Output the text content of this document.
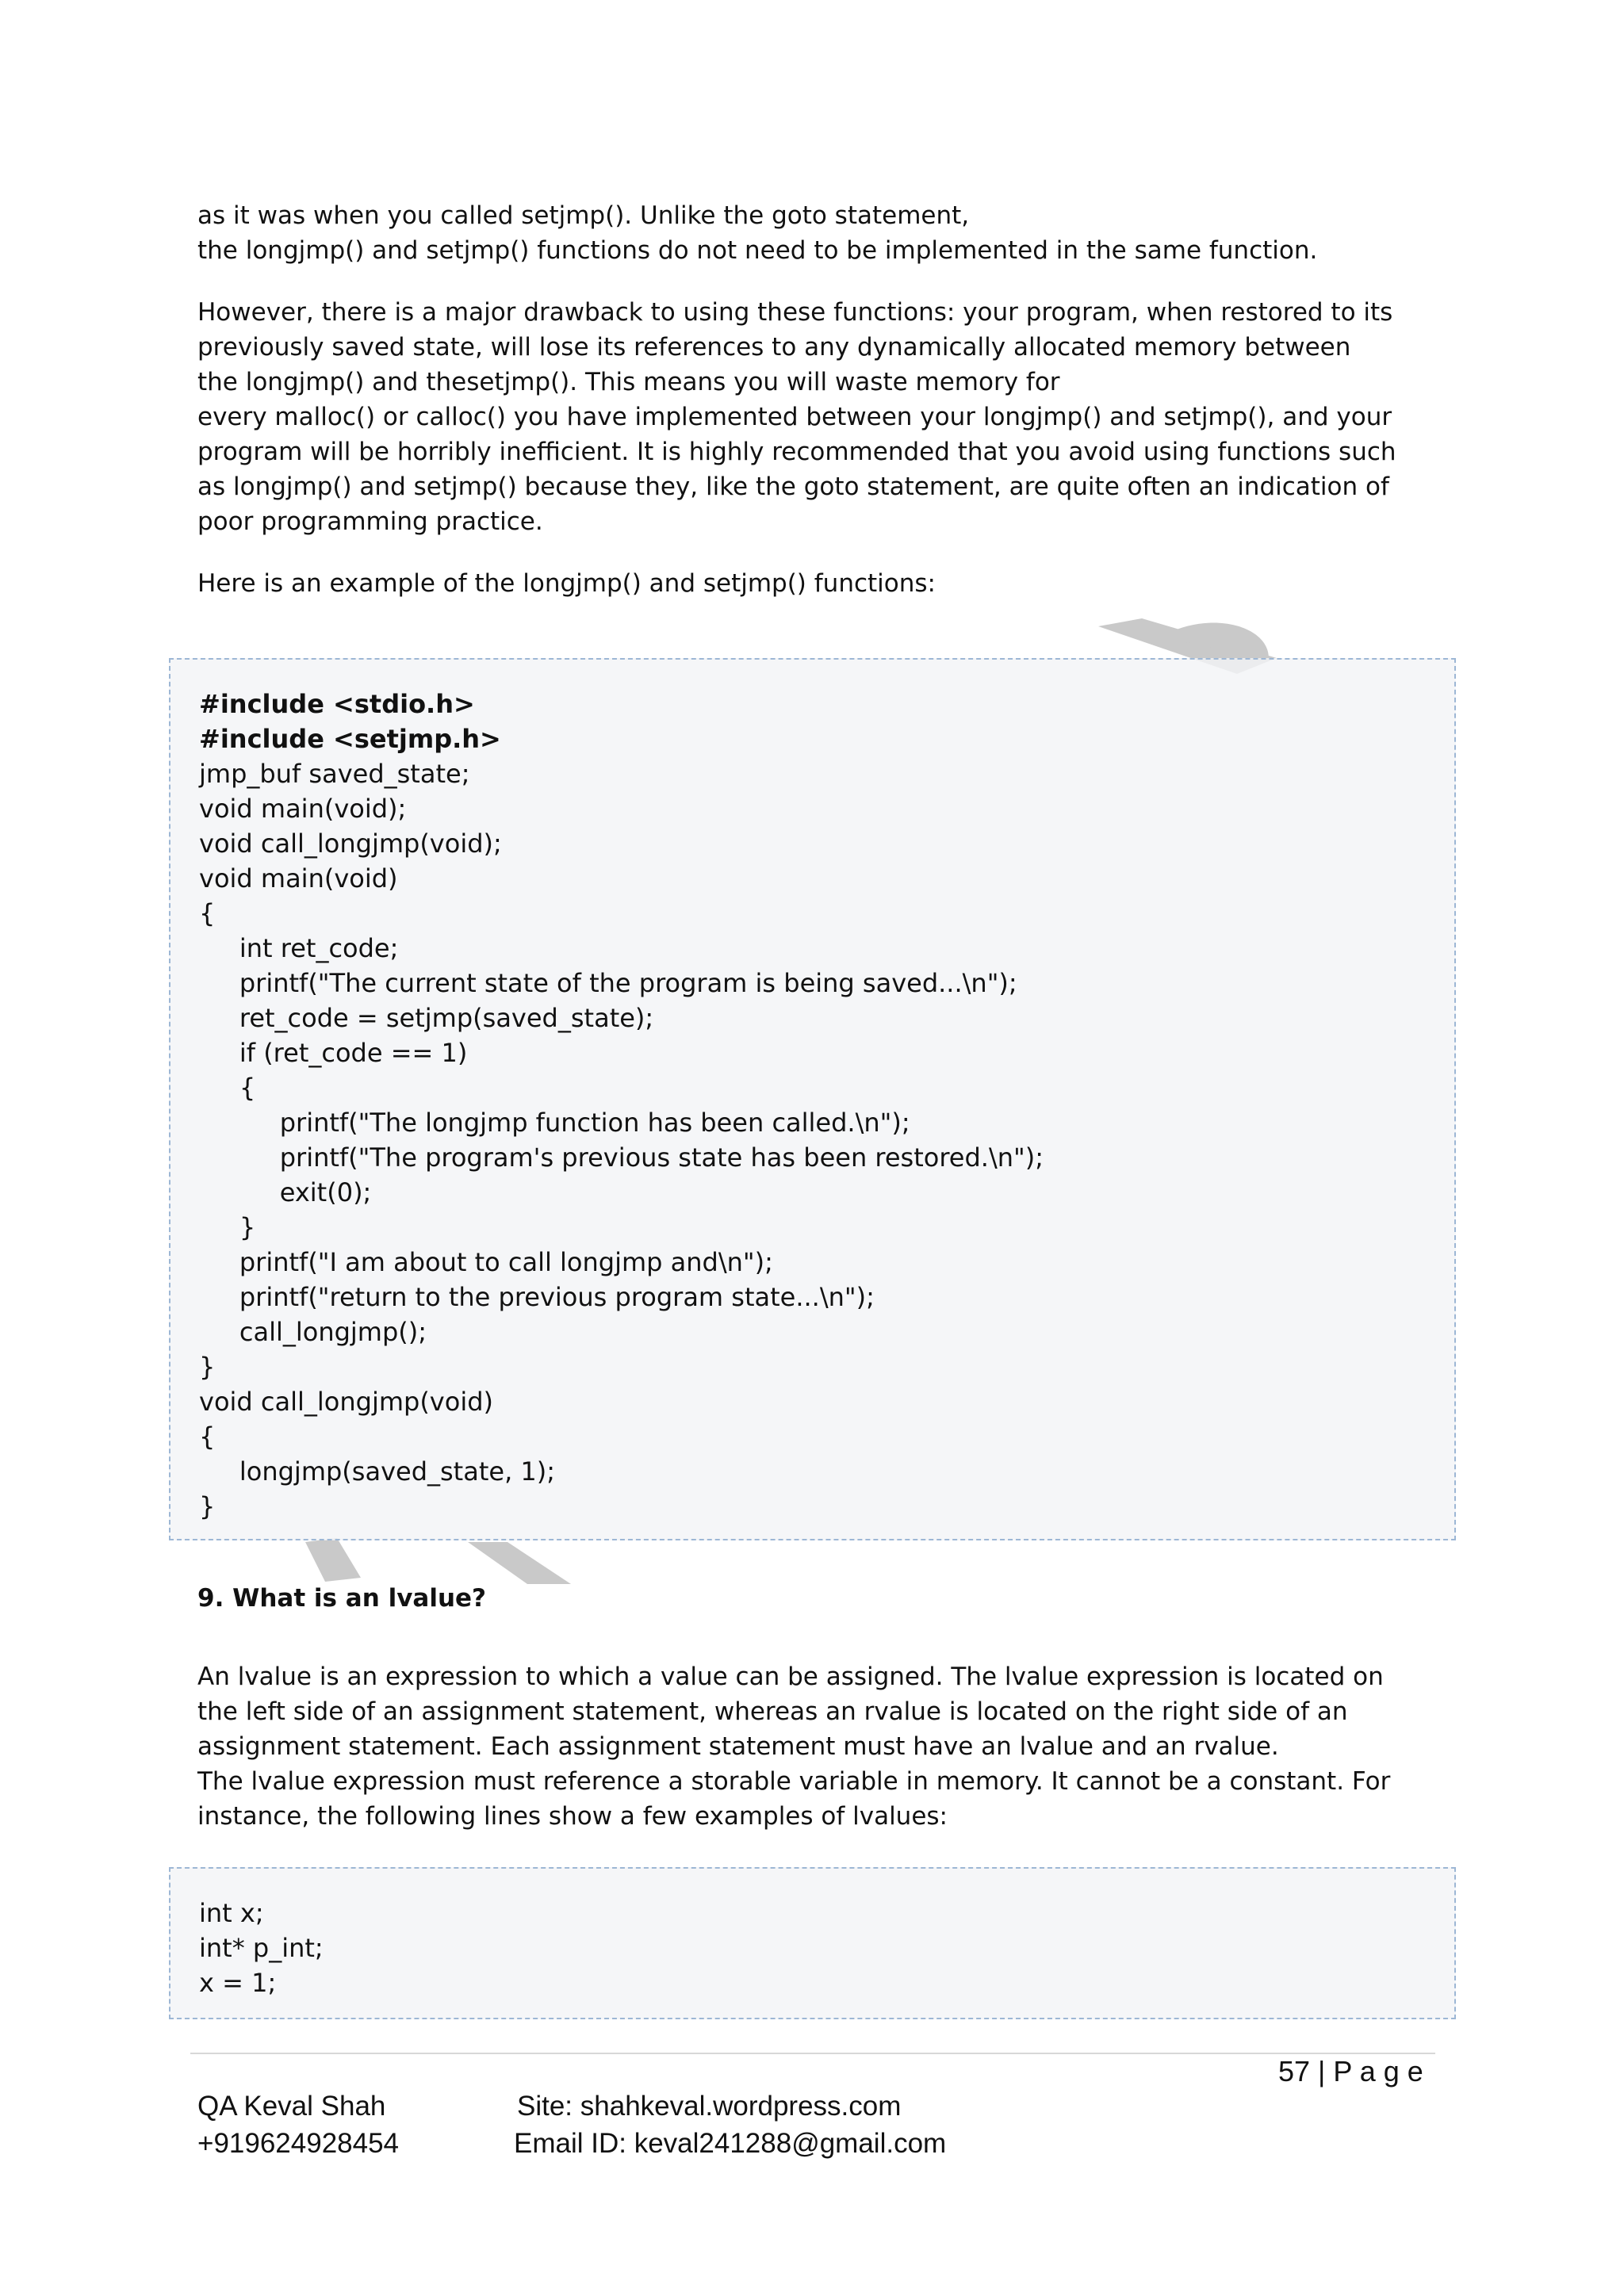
as it was when you called setjmp(). Unlike the goto statement,
the longjmp() and setjmp() functions do not need to be implemented in the same function.

However, there is a major drawback to using these functions: your program, when restored to its
previously saved state, will lose its references to any dynamically allocated memory between
the longjmp() and thesetjmp(). This means you will waste memory for
every malloc() or calloc() you have implemented between your longjmp() and setjmp(), and your
program will be horribly inefficient. It is highly recommended that you avoid using functions such
as longjmp() and setjmp() because they, like the goto statement, are quite often an indication of
poor programming practice.

Here is an example of the longjmp() and setjmp() functions:

#include <stdio.h>
#include <setjmp.h>
jmp_buf saved_state;
void main(void);
void call_longjmp(void);
void main(void)
{
int ret_code;
printf("The current state of the program is being saved...\n");
ret_code = setjmp(saved_state);
if (ret_code == 1)
{
printf("The longjmp function has been called.\n");
printf("The program's previous state has been restored.\n");
exit(0);
}
printf("I am about to call longjmp and\n");
printf("return to the previous program state...\n");
call_longjmp();
}
void call_longjmp(void)
{
longjmp(saved_state, 1);
}
9. What is an lvalue?

An lvalue is an expression to which a value can be assigned. The lvalue expression is located on
the left side of an assignment statement, whereas an rvalue is located on the right side of an
assignment statement. Each assignment statement must have an lvalue and an rvalue.
The lvalue expression must reference a storable variable in memory. It cannot be a constant. For
instance, the following lines show a few examples of lvalues:

int x;
int* p_int;
x = 1;
57 | P a g e
QA Keval Shah
+919624928454
Site: shahkeval.wordpress.com
Email ID: keval241288@gmail.com
